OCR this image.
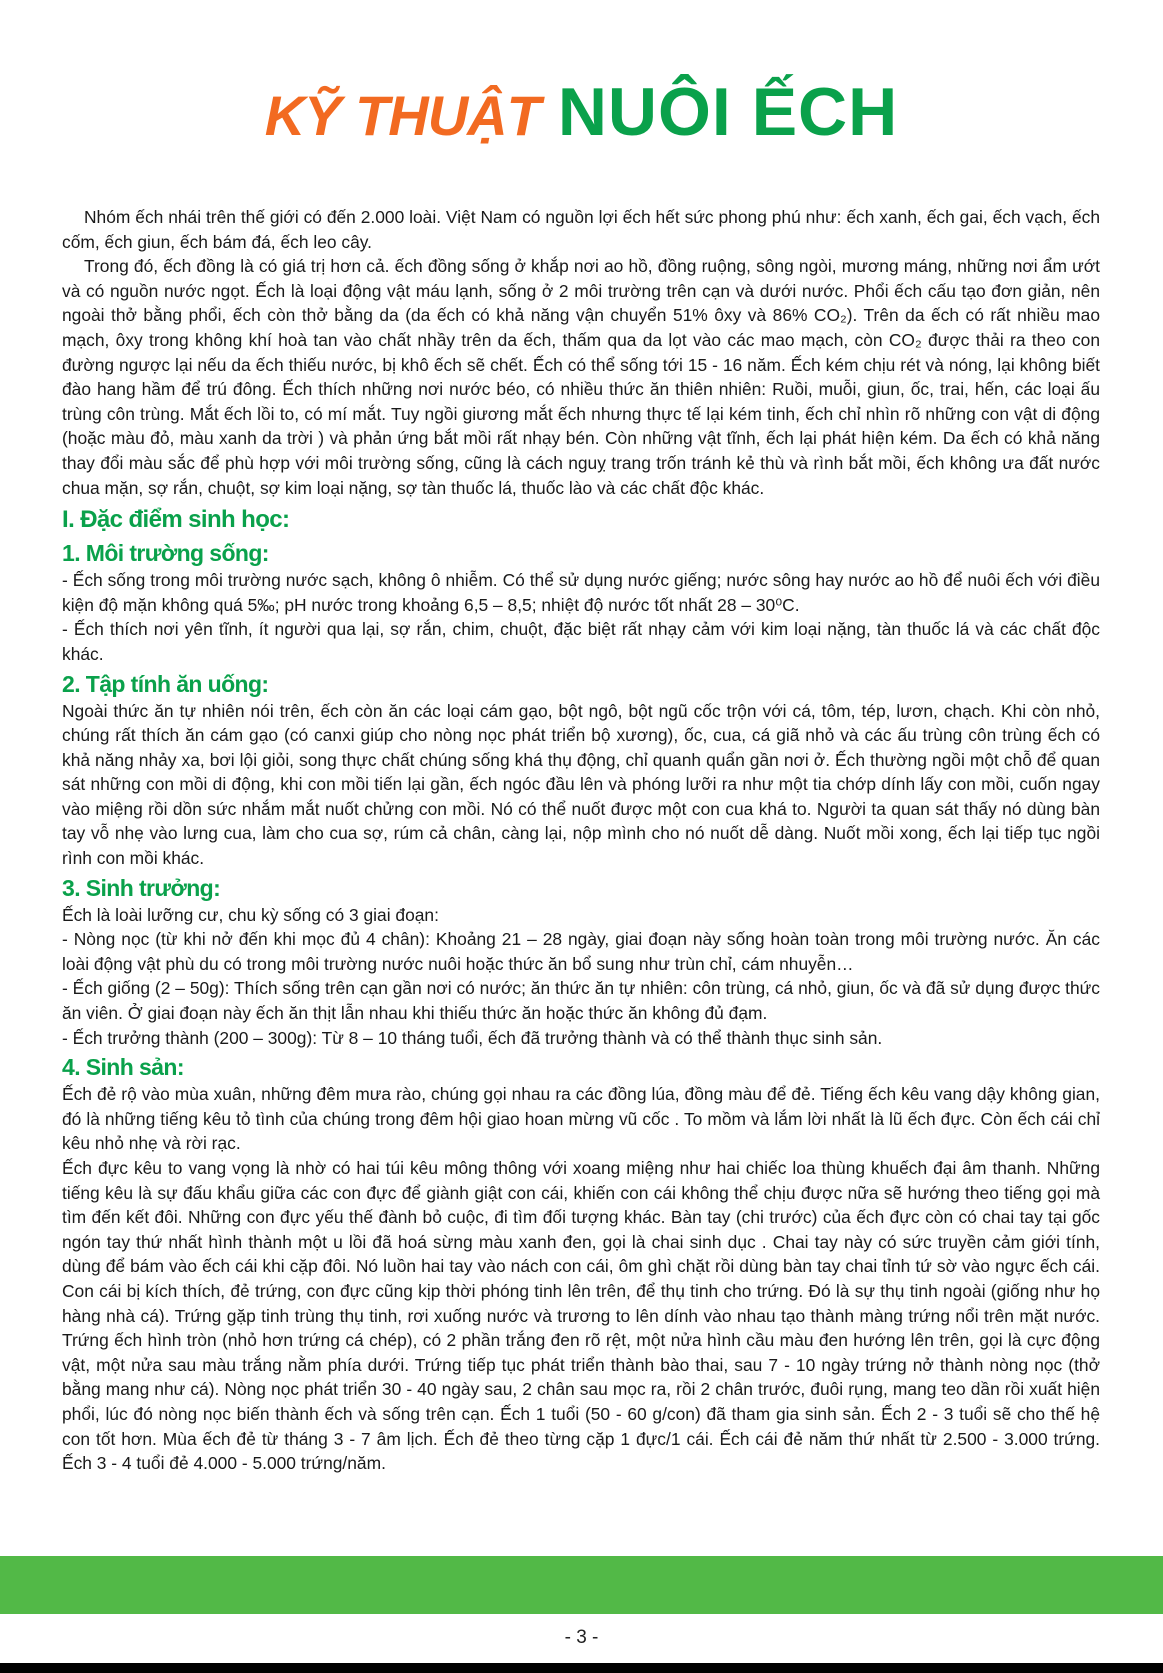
KỸ THUẬT NUÔI ẾCH

Nhóm ếch nhái trên thế giới có đến 2.000 loài. Việt Nam có nguồn lợi ếch hết sức phong phú như: ếch xanh, ếch gai, ếch vạch, ếch cốm, ếch giun, ếch bám đá, ếch leo cây.

Trong đó, ếch đồng là có giá trị hơn cả. ếch đồng sống ở khắp nơi ao hồ, đồng ruộng, sông ngòi, mương máng, những nơi ẩm ướt và có nguồn nước ngọt. Ếch là loại động vật máu lạnh, sống ở 2 môi trường trên cạn và dưới nước. Phổi ếch cấu tạo đơn giản, nên ngoài thở bằng phổi, ếch còn thở bằng da (da ếch có khả năng vận chuyển 51% ôxy và 86% CO₂). Trên da ếch có rất nhiều mao mạch, ôxy trong không khí hoà tan vào chất nhầy trên da ếch, thấm qua da lọt vào các mao mạch, còn CO₂ được thải ra theo con đường ngược lại nếu da ếch thiếu nước, bị khô ếch sẽ chết. Ếch có thể sống tới 15 - 16 năm. Ếch kém chịu rét và nóng, lại không biết đào hang hầm để trú đông. Ếch thích những nơi nước béo, có nhiều thức ăn thiên nhiên: Ruồi, muỗi, giun, ốc, trai, hến, các loại ấu trùng côn trùng. Mắt ếch lồi to, có mí mắt. Tuy ngồi giương mắt ếch nhưng thực tế lại kém tinh, ếch chỉ nhìn rõ những con vật di động (hoặc màu đỏ, màu xanh da trời ) và phản ứng bắt mồi rất nhạy bén. Còn những vật tĩnh, ếch lại phát hiện kém. Da ếch có khả năng thay đổi màu sắc để phù hợp với môi trường sống, cũng là cách nguỵ trang trốn tránh kẻ thù và rình bắt mồi, ếch không ưa đất nước chua mặn, sợ rắn, chuột, sợ kim loại nặng, sợ tàn thuốc lá, thuốc lào và các chất độc khác.

I. Đặc điểm sinh học:
1. Môi trường sống:

- Ếch sống trong môi trường nước sạch, không ô nhiễm. Có thể sử dụng nước giếng; nước sông hay nước ao hồ để nuôi ếch với điều kiện độ mặn không quá 5‰; pH nước trong khoảng 6,5 – 8,5; nhiệt độ nước tốt nhất 28 – 30⁰C.

- Ếch thích nơi yên tĩnh, ít người qua lại, sợ rắn, chim, chuột, đặc biệt rất nhạy cảm với kim loại nặng, tàn thuốc lá và các chất độc khác.

2. Tập tính ăn uống:

Ngoài thức ăn tự nhiên nói trên, ếch còn ăn các loại cám gạo, bột ngô, bột ngũ cốc trộn với cá, tôm, tép, lươn, chạch. Khi còn nhỏ, chúng rất thích ăn cám gạo (có canxi giúp cho nòng nọc phát triển bộ xương), ốc, cua, cá giã nhỏ và các ấu trùng côn trùng ếch có khả năng nhảy xa, bơi lội giỏi, song thực chất chúng sống khá thụ động, chỉ quanh quẩn gần nơi ở. Ếch thường ngồi một chỗ để quan sát những con mồi di động, khi con mồi tiến lại gần, ếch ngóc đầu lên và phóng lưỡi ra như một tia chớp dính lấy con mồi, cuốn ngay vào miệng rồi dồn sức nhắm mắt nuốt chửng con mồi. Nó có thể nuốt được một con cua khá to. Người ta quan sát thấy nó dùng bàn tay vỗ nhẹ vào lưng cua, làm cho cua sợ, rúm cả chân, càng lại, nộp mình cho nó nuốt dễ dàng. Nuốt mồi xong, ếch lại tiếp tục ngồi rình con mồi khác.

3. Sinh trưởng:

Ếch là loài lưỡng cư, chu kỳ sống có 3 giai đoạn:

- Nòng nọc (từ khi nở đến khi mọc đủ 4 chân): Khoảng 21 – 28 ngày, giai đoạn này sống hoàn toàn trong môi trường nước. Ăn các loài động vật phù du có trong môi trường nước nuôi hoặc thức ăn bổ sung như trùn chỉ, cám nhuyễn…

- Ếch giống (2 – 50g): Thích sống trên cạn gần nơi có nước; ăn thức ăn tự nhiên: côn trùng, cá nhỏ, giun, ốc và đã sử dụng được thức ăn viên. Ở giai đoạn này ếch ăn thịt lẫn nhau khi thiếu thức ăn hoặc thức ăn không đủ đạm.

- Ếch trưởng thành (200 – 300g): Từ 8 – 10 tháng tuổi, ếch đã trưởng thành và có thể thành thục sinh sản.

4. Sinh sản:

Ếch đẻ rộ vào mùa xuân, những đêm mưa rào, chúng gọi nhau ra các đồng lúa, đồng màu để đẻ. Tiếng ếch kêu vang dậy không gian, đó là những tiếng kêu tỏ tình của chúng trong đêm hội giao hoan mừng vũ cốc . To mồm và lắm lời nhất là lũ ếch đực. Còn ếch cái chỉ kêu nhỏ nhẹ và rời rạc.

Ếch đực kêu to vang vọng là nhờ có hai túi kêu mông thông với xoang miệng như hai chiếc loa thùng khuếch đại âm thanh. Những tiếng kêu là sự đấu khẩu giữa các con đực để giành giật con cái, khiến con cái không thể chịu được nữa sẽ hướng theo tiếng gọi mà tìm đến kết đôi. Những con đực yếu thế đành bỏ cuộc, đi tìm đối tượng khác. Bàn tay (chi trước) của ếch đực còn có chai tay tại gốc ngón tay thứ nhất hình thành một u lồi đã hoá sừng màu xanh đen, gọi là chai sinh dục . Chai tay này có sức truyền cảm giới tính, dùng để bám vào ếch cái khi cặp đôi. Nó luồn hai tay vào nách con cái, ôm ghì chặt rồi dùng bàn tay chai tỉnh tứ sờ vào ngực ếch cái. Con cái bị kích thích, đẻ trứng, con đực cũng kịp thời phóng tinh lên trên, để thụ tinh cho trứng. Đó là sự thụ tinh ngoài (giống như họ hàng nhà cá). Trứng gặp tinh trùng thụ tinh, rơi xuống nước và trương to lên dính vào nhau tạo thành màng trứng nổi trên mặt nước. Trứng ếch hình tròn (nhỏ hơn trứng cá chép), có 2 phần trắng đen rõ rệt, một nửa hình cầu màu đen hướng lên trên, gọi là cực động vật, một nửa sau màu trắng nằm phía dưới. Trứng tiếp tục phát triển thành bào thai, sau 7 - 10 ngày trứng nở thành nòng nọc (thở bằng mang như cá). Nòng nọc phát triển 30 - 40 ngày sau, 2 chân sau mọc ra, rồi 2 chân trước, đuôi rụng, mang teo dần rồi xuất hiện phổi, lúc đó nòng nọc biến thành ếch và sống trên cạn. Ếch 1 tuổi (50 - 60 g/con) đã tham gia sinh sản. Ếch 2 - 3 tuổi sẽ cho thế hệ con tốt hơn. Mùa ếch đẻ từ tháng 3 - 7 âm lịch. Ếch đẻ theo từng cặp 1 đực/1 cái. Ếch cái đẻ năm thứ nhất từ 2.500 - 3.000 trứng. Ếch 3 - 4 tuổi đẻ 4.000 - 5.000 trứng/năm.

- 3 -
